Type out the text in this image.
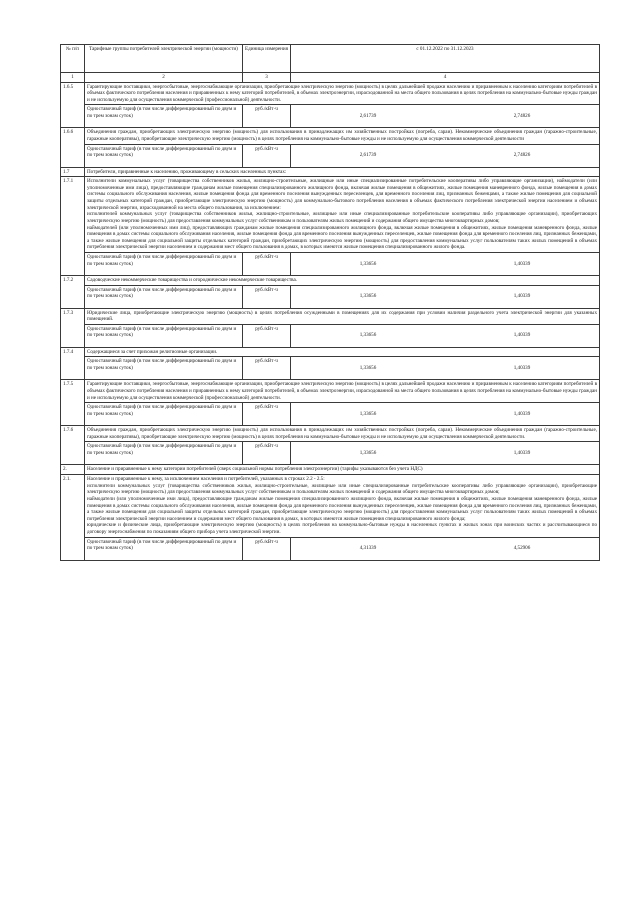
№ п/п	Тарифные группы потребителей электрической энергии (мощности)	Единица измерения	с 01.12.2022 по 31.12.2023
1	2	3	4
1.6.5	Гарантирующие поставщики, энергосбытовые, энергоснабжающие организации, приобретающие электрическую энергию (мощность) в целях дальнейшей продажи населению и приравненным к населению категориям потребителей в объемах фактического потребления населения и приравненных к нему категорий потребителей, в объемах электроэнергии, израсходованной на места общего пользования в целях потребления на коммунально-бытовые нужды граждан и не используемую для осуществления коммерческой (профессиональной) деятельности.		

	Одноставочный тариф (в том числе дифференцированный по двум и по трем зонам суток)	руб./кВт·ч	2,61739 2,74826

1.6.6	Объединения граждан, приобретающих электрическую энергию (мощность) для использования в принадлежащих им хозяйственных постройках (погреба, сараи). Некоммерческие объединения граждан (гаражно-строительные, гаражные кооперативы), приобретающие электрическую энергию (мощность) в целях потребления на коммунально-бытовые нужды и не используемую для осуществления коммерческой деятельности		

	Одноставочный тариф (в том числе дифференцированный по двум и по трем зонам суток)	руб./кВт·ч	2,61739 2,74826

1.7	Потребители, приравненные к населению, проживающему в сельских населенных пунктах:		

1.7.1	Исполнители коммунальных услуг (товарищества собственников жилья, жилищно-строительные, жилищные или иные специализированные потребительские кооперативы либо управляющие организации), наймодатели (или уполномоченные ими лица), предоставляющие гражданам жилые помещения специализированного жилищного фонда, включая жилые помещения в общежитиях, жилые помещения маневренного фонда, жилые помещения в домах системы социального обслуживания населения, жилые помещения фонда для временного поселения вынужденных переселенцев, для временного поселения лиц, признанных беженцами, а также жилые помещения для социальной защиты отдельных категорий граждан, приобретающие электрическую энергию (мощность) для коммунально-бытового потребления населения в объемах фактического потребления электрической энергии населением и объемах электрической энергии, израсходованной на места общего пользования, за исключением:

исполнителей коммунальных услуг (товарищества собственников жилья, жилищно-строительные, жилищные или иные специализированные потребительские кооперативы либо управляющие организации), приобретающих электрическую энергию (мощность) для предоставления коммунальных услуг собственникам и пользователям жилых помещений и содержания общего имущества многоквартирных домов;

наймодателей (или уполномоченных ими лиц), предоставляющих гражданам жилые помещения специализированного жилищного фонда, включая жилые помещения в общежитиях, жилые помещения маневренного фонда, жилые помещения в домах системы социального обслуживания населения, жилые помещения фонда для временного поселения вынужденных переселенцев, жилые помещения фонда для временного поселения лиц, признанных беженцами, а также жилые помещения для социальной защиты отдельных категорий граждан, приобретающих электрическую энергию (мощность) для предоставления коммунальных услуг пользователям таких жилых помещений в объемах потребления электрической энергии населением и содержания мест общего пользования в домах, в которых имеются жилые помещения специализированного жилого фонда.		

	Одноставочный тариф (в том числе дифференцированный по двум и по трем зонам суток)	руб./кВт·ч	1,33656 1,40339

1.7.2	Садоводческие некоммерческие товарищества и огороднические некоммерческие товарищества.		

	Одноставочный тариф (в том числе дифференцированный по двум и по трем зонам суток)	руб./кВт·ч	1,33656 1,40339

1.7.3	Юридические лица, приобретающие электрическую энергию (мощность) в целях потребления осужденными в помещениях для их содержания при условии наличия раздельного учета электрической энергии для указанных помещений.		

	Одноставочный тариф (в том числе дифференцированный по двум и по трем зонам суток)	руб./кВт·ч	1,33656 1,40339

1.7.4	Содержащиеся за счет прихожан религиозные организации.		

	Одноставочный тариф (в том числе дифференцированный по двум и по трем зонам суток)	руб./кВт·ч	1,33656 1,40339

1.7.5	Гарантирующие поставщики, энергосбытовые, энергоснабжающие организации, приобретающие электрическую энергию (мощность) в целях дальнейшей продажи населению и приравненным к населению категориям потребителей в объемах фактического потребления населения и приравненных к нему категорий потребителей, в объемах электроэнергии, израсходованной на места общего пользования в целях потребления на коммунально-бытовые нужды граждан и не используемую для осуществления коммерческой (профессиональной) деятельности.		

	Одноставочный тариф (в том числе дифференцированный по двум и по трем зонам суток)	руб./кВт·ч	1,33656 1,40339

1.7.6	Объединения граждан, приобретающих электрическую энергию (мощность) для использования в принадлежащих им хозяйственных постройках (погреба, сараи). Некоммерческие объединения граждан (гаражно-строительные, гаражные кооперативы), приобретающие электрическую энергию (мощность) в целях потребления на коммунально-бытовые нужды и не используемую для осуществления коммерческой деятельности.		

	Одноставочный тариф (в том числе дифференцированный по двум и по трем зонам суток)	руб./кВт·ч	1,33656 1,40339

2.	Население и приравненные к нему категории потребителей (сверх социальной нормы потребления электроэнергии) (тарифы указываются без учета НДС)		

2.1.	Население и приравненные к нему, за исключением населения и потребителей, указанных в строках 2.2 - 2.5:

исполнители коммунальных услуг (товарищества собственников жилья, жилищно-строительные, жилищные или иные специализированные потребительские кооперативы либо управляющие организации), приобретающие электрическую энергию (мощность) для предоставления коммунальных услуг собственникам и пользователям жилых помещений и содержания общего имущества многоквартирных домов;

наймодатели (или уполномоченные ими лица), предоставляющие гражданам жилые помещения специализированного жилищного фонда, включая жилые помещения в общежитиях, жилые помещения маневренного фонда, жилые помещения в домах системы социального обслуживания населения, жилые помещения фонда для временного поселения вынужденных переселенцев, жилые помещения фонда для временного поселения лиц, признанных беженцами, а также жилые помещения для социальной защиты отдельных категорий граждан, приобретающие электрическую энергию (мощность) для предоставления коммунальных услуг пользователям таких жилых помещений в объемах потребления электрической энергии населением и содержания мест общего пользования в домах, в которых имеются жилые помещения специализированного жилого фонда;

юридические и физические лица, приобретающие электрическую энергию (мощность) в целях потребления на коммунально-бытовые нужды в населенных пунктах и жилых зонах при воинских частях и рассчитывающиеся по договору энергоснабжения по показаниям общего прибора учета электрической энергии.		

	Одноставочный тариф (в том числе дифференцированный по двум и по трем зонам суток)	руб./кВт·ч	4,31339 4,52906
